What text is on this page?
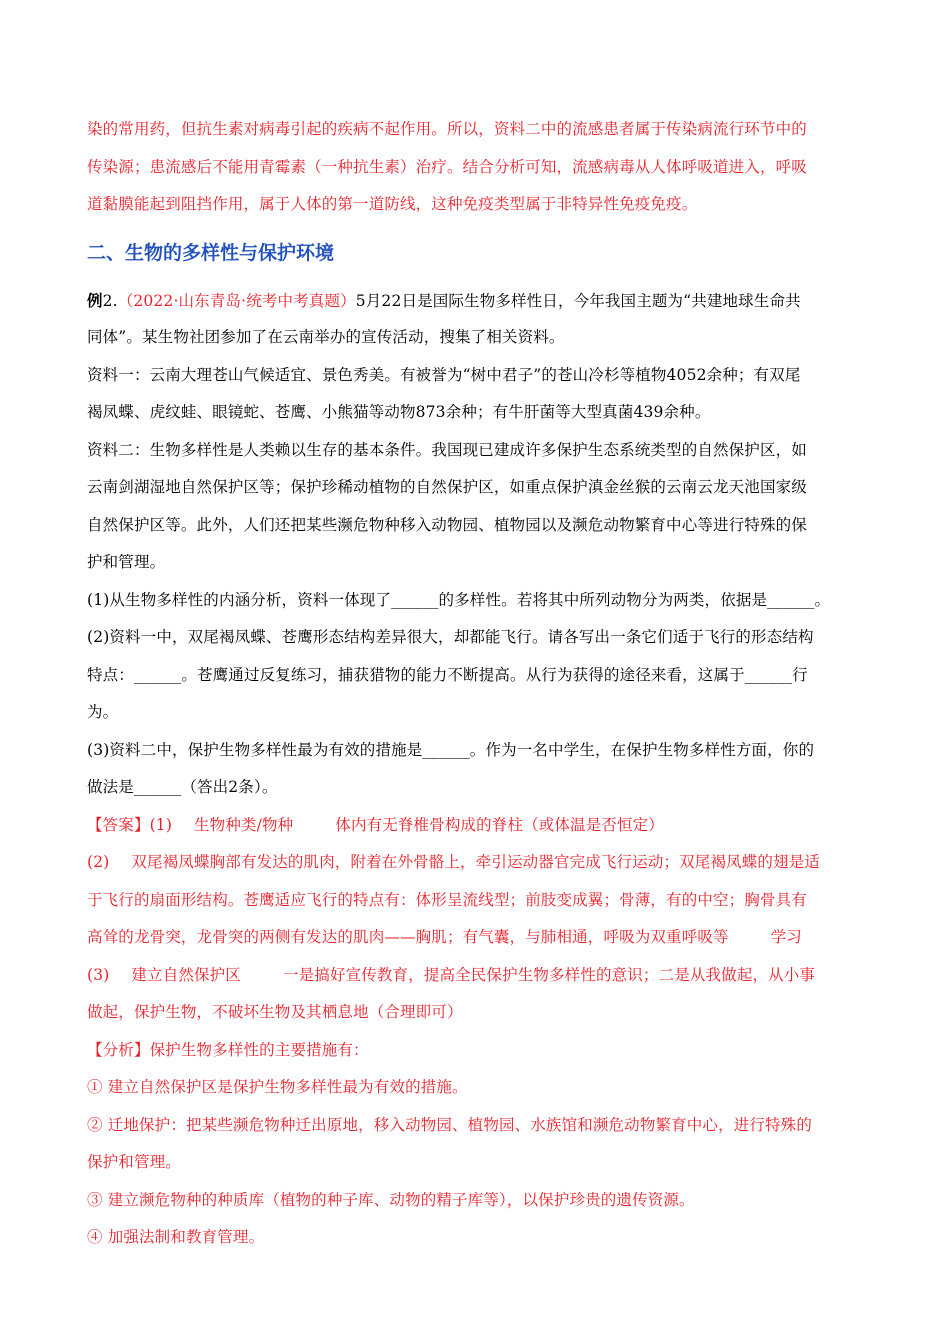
染的常用药，但抗生素对病毒引起的疾病不起作用。所以，资料二中的流感患者属于传染病流行环节中的
传染源；患流感后不能用青霉素（一种抗生素）治疗。结合分析可知，流感病毒从人体呼吸道进入，呼吸
道黏膜能起到阻挡作用，属于人体的第一道防线，这种免疫类型属于非特异性免疫免疫。
二、生物的多样性与保护环境
例2.（2022·山东青岛·统考中考真题）5月22日是国际生物多样性日，今年我国主题为“共建地球生命共
同体”。某生物社团参加了在云南举办的宣传活动，搜集了相关资料。
资料一：云南大理苍山气候适宜、景色秀美。有被誉为“树中君子”的苍山冷杉等植物4052余种；有双尾
褐凤蝶、虎纹蛙、眼镜蛇、苍鹰、小熊猫等动物873余种；有牛肝菌等大型真菌439余种。
资料二：生物多样性是人类赖以生存的基本条件。我国现已建成许多保护生态系统类型的自然保护区，如
云南剑湖湿地自然保护区等；保护珍稀动植物的自然保护区，如重点保护滇金丝猴的云南云龙天池国家级
自然保护区等。此外，人们还把某些濒危物种移入动物园、植物园以及濒危动物繁育中心等进行特殊的保
护和管理。
(1)从生物多样性的内涵分析，资料一体现了______的多样性。若将其中所列动物分为两类，依据是______。
(2)资料一中，双尾褐凤蝶、苍鹰形态结构差异很大，却都能飞行。请各写出一条它们适于飞行的形态结构
特点：______。苍鹰通过反复练习，捕获猎物的能力不断提高。从行为获得的途径来看，这属于______行
为。
(3)资料二中，保护生物多样性最为有效的措施是______。作为一名中学生，在保护生物多样性方面，你的
做法是______（答出2条）。
【答案】(1) 生物种类/物种	体内有无脊椎骨构成的脊柱（或体温是否恒定）
(2) 双尾褐凤蝶胸部有发达的肌肉，附着在外骨骼上，牵引运动器官完成飞行运动；双尾褐凤蝶的翅是适
于飞行的扇面形结构。苍鹰适应飞行的特点有：体形呈流线型；前肢变成翼；骨薄，有的中空；胸骨具有
高耸的龙骨突，龙骨突的两侧有发达的肌肉——胸肌；有气囊，与肺相通，呼吸为双重呼吸等	学习
(3) 建立自然保护区	一是搞好宣传教育，提高全民保护生物多样性的意识；二是从我做起，从小事
做起，保护生物，不破坏生物及其栖息地（合理即可）
【分析】保护生物多样性的主要措施有：
① 建立自然保护区是保护生物多样性最为有效的措施。
② 迁地保护：把某些濒危物种迁出原地，移入动物园、植物园、水族馆和濒危动物繁育中心，进行特殊的
保护和管理。
③ 建立濒危物种的种质库（植物的种子库、动物的精子库等），以保护珍贵的遗传资源。
④ 加强法制和教育管理。
